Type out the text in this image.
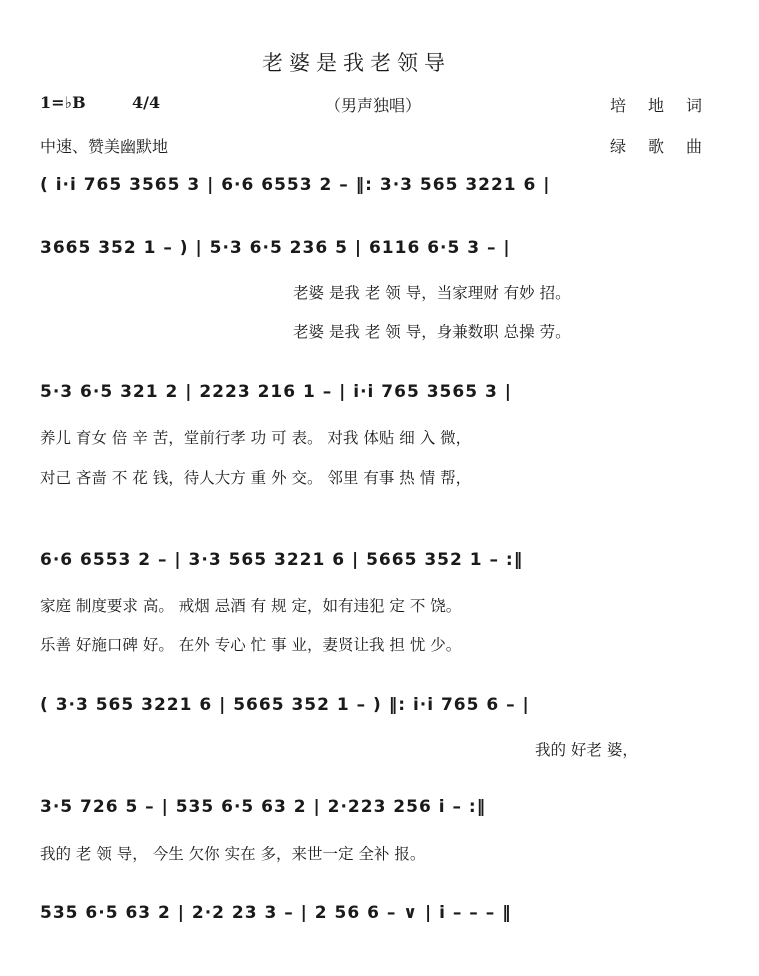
老婆是我老领导
1=♭B	4/4	（男声独唱）	培地词
中速、赞美幽默地	绿歌曲
( i·i 765 3565 3 | 6·6 6553 2 – ‖: 3·3 565 3221 6 |
3665 352 1 – ) | 5·3 6·5 236 5 | 6116 6·5 3 – |
老婆 是我 老 领 导，当家理财 有妙 招。
老婆 是我 老 领 导，身兼数职 总操 劳。
5·3 6·5 321 2 | 2223 216 1 – | i·i 765 3565 3 |
养儿 育女 倍 辛 苦，堂前行孝 功 可 表。 对我 体贴 细 入 微，
对己 吝啬 不 花 钱，待人大方 重 外 交。 邻里 有事 热 情 帮，
6·6 6553 2 – | 3·3 565 3221 6 | 5665 352 1 – :‖
家庭 制度要求 高。 戒烟 忌酒 有 规 定，如有违犯 定 不 饶。
乐善 好施口碑 好。 在外 专心 忙 事 业，妻贤让我 担 忧 少。
( 3·3 565 3221 6 | 5665 352 1 – ) ‖: i·i 765 6 – |
我的 好老 婆，
3·5 726 5 – | 535 6·5 63 2 | 2·223 256 i – :‖
我的 老 领 导， 今生 欠你 实在 多，来世一定 全补 报。
535 6·5 63 2 | 2·2 23 3 – | 2 56 6 – ∨ | i – – – ‖
